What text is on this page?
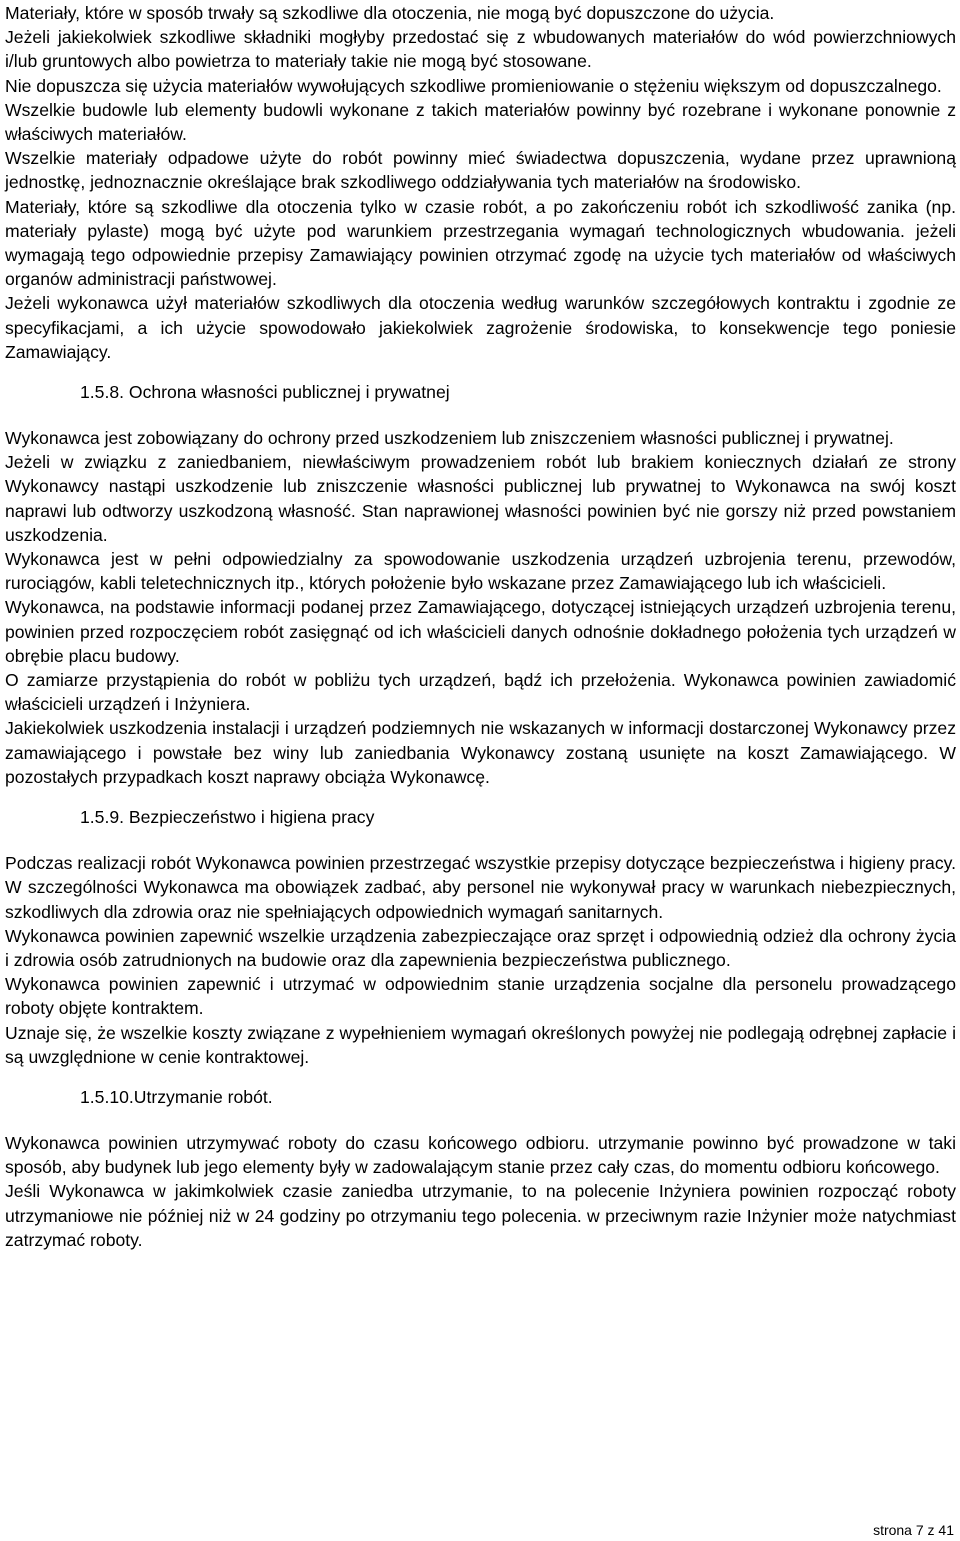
Materiały, które w sposób trwały są szkodliwe dla otoczenia, nie mogą być dopuszczone do użycia.

Jeżeli jakiekolwiek szkodliwe składniki mogłyby przedostać się z wbudowanych materiałów do wód powierzchniowych i/lub gruntowych albo powietrza to materiały takie nie mogą być stosowane.

Nie dopuszcza się użycia materiałów wywołujących szkodliwe promieniowanie o stężeniu większym od dopuszczalnego.

Wszelkie budowle lub elementy budowli wykonane z takich materiałów powinny być rozebrane i wykonane ponownie z właściwych materiałów.

Wszelkie materiały odpadowe użyte do robót powinny mieć świadectwa dopuszczenia, wydane przez uprawnioną jednostkę, jednoznacznie określające brak szkodliwego oddziaływania tych materiałów na środowisko.

Materiały, które są szkodliwe dla otoczenia tylko w czasie robót, a po zakończeniu robót ich szkodliwość zanika (np. materiały pylaste) mogą być użyte pod warunkiem przestrzegania wymagań technologicznych wbudowania. jeżeli wymagają tego odpowiednie przepisy Zamawiający powinien otrzymać zgodę na użycie tych materiałów od właściwych organów administracji państwowej.

Jeżeli wykonawca użył materiałów szkodliwych dla otoczenia według warunków szczegółowych kontraktu i zgodnie ze specyfikacjami, a ich użycie spowodowało jakiekolwiek zagrożenie środowiska, to konsekwencje tego poniesie Zamawiający.

1.5.8. Ochrona własności publicznej i prywatnej

Wykonawca jest zobowiązany do ochrony przed uszkodzeniem lub zniszczeniem własności publicznej i prywatnej.

Jeżeli w związku z zaniedbaniem, niewłaściwym prowadzeniem robót lub brakiem koniecznych działań ze strony Wykonawcy nastąpi uszkodzenie lub zniszczenie własności publicznej lub prywatnej to Wykonawca na swój koszt naprawi lub odtworzy uszkodzoną własność. Stan naprawionej własności powinien być nie gorszy niż przed powstaniem uszkodzenia.

Wykonawca jest w pełni odpowiedzialny za spowodowanie uszkodzenia urządzeń uzbrojenia terenu, przewodów, rurociągów, kabli teletechnicznych itp., których położenie było wskazane przez Zamawiającego lub ich właścicieli.

Wykonawca, na podstawie informacji podanej przez Zamawiającego, dotyczącej istniejących urządzeń uzbrojenia terenu, powinien przed rozpoczęciem robót zasięgnąć od ich właścicieli danych odnośnie dokładnego położenia tych urządzeń w obrębie placu budowy.

O zamiarze przystąpienia do robót w pobliżu tych urządzeń, bądź ich przełożenia. Wykonawca powinien zawiadomić właścicieli urządzeń i Inżyniera.

Jakiekolwiek uszkodzenia instalacji i urządzeń podziemnych nie wskazanych w informacji dostarczonej Wykonawcy przez zamawiającego i powstałe bez winy lub zaniedbania Wykonawcy zostaną usunięte na koszt Zamawiającego. W pozostałych przypadkach koszt naprawy obciąża Wykonawcę.

1.5.9. Bezpieczeństwo i higiena pracy

Podczas realizacji robót Wykonawca powinien przestrzegać wszystkie przepisy dotyczące bezpieczeństwa i higieny pracy. W szczególności Wykonawca ma obowiązek zadbać, aby personel nie wykonywał pracy w warunkach niebezpiecznych, szkodliwych dla zdrowia oraz nie spełniających odpowiednich wymagań sanitarnych.

Wykonawca powinien zapewnić wszelkie urządzenia zabezpieczające oraz sprzęt i odpowiednią odzież dla ochrony życia i zdrowia osób zatrudnionych na budowie oraz dla zapewnienia bezpieczeństwa publicznego.

Wykonawca powinien zapewnić i utrzymać w odpowiednim stanie urządzenia socjalne dla personelu prowadzącego roboty objęte kontraktem.

Uznaje się, że wszelkie koszty związane z wypełnieniem wymagań określonych powyżej nie podlegają odrębnej zapłacie i są uwzględnione w cenie kontraktowej.

1.5.10.Utrzymanie robót.

Wykonawca powinien utrzymywać roboty do czasu końcowego odbioru. utrzymanie powinno być prowadzone w taki sposób, aby budynek lub jego elementy były w zadowalającym stanie przez cały czas, do momentu odbioru końcowego.

Jeśli Wykonawca w jakimkolwiek czasie zaniedba utrzymanie, to na polecenie Inżyniera powinien rozpocząć roboty utrzymaniowe nie później niż w 24 godziny po otrzymaniu tego polecenia. w przeciwnym razie Inżynier może natychmiast zatrzymać roboty.

strona 7 z 41
